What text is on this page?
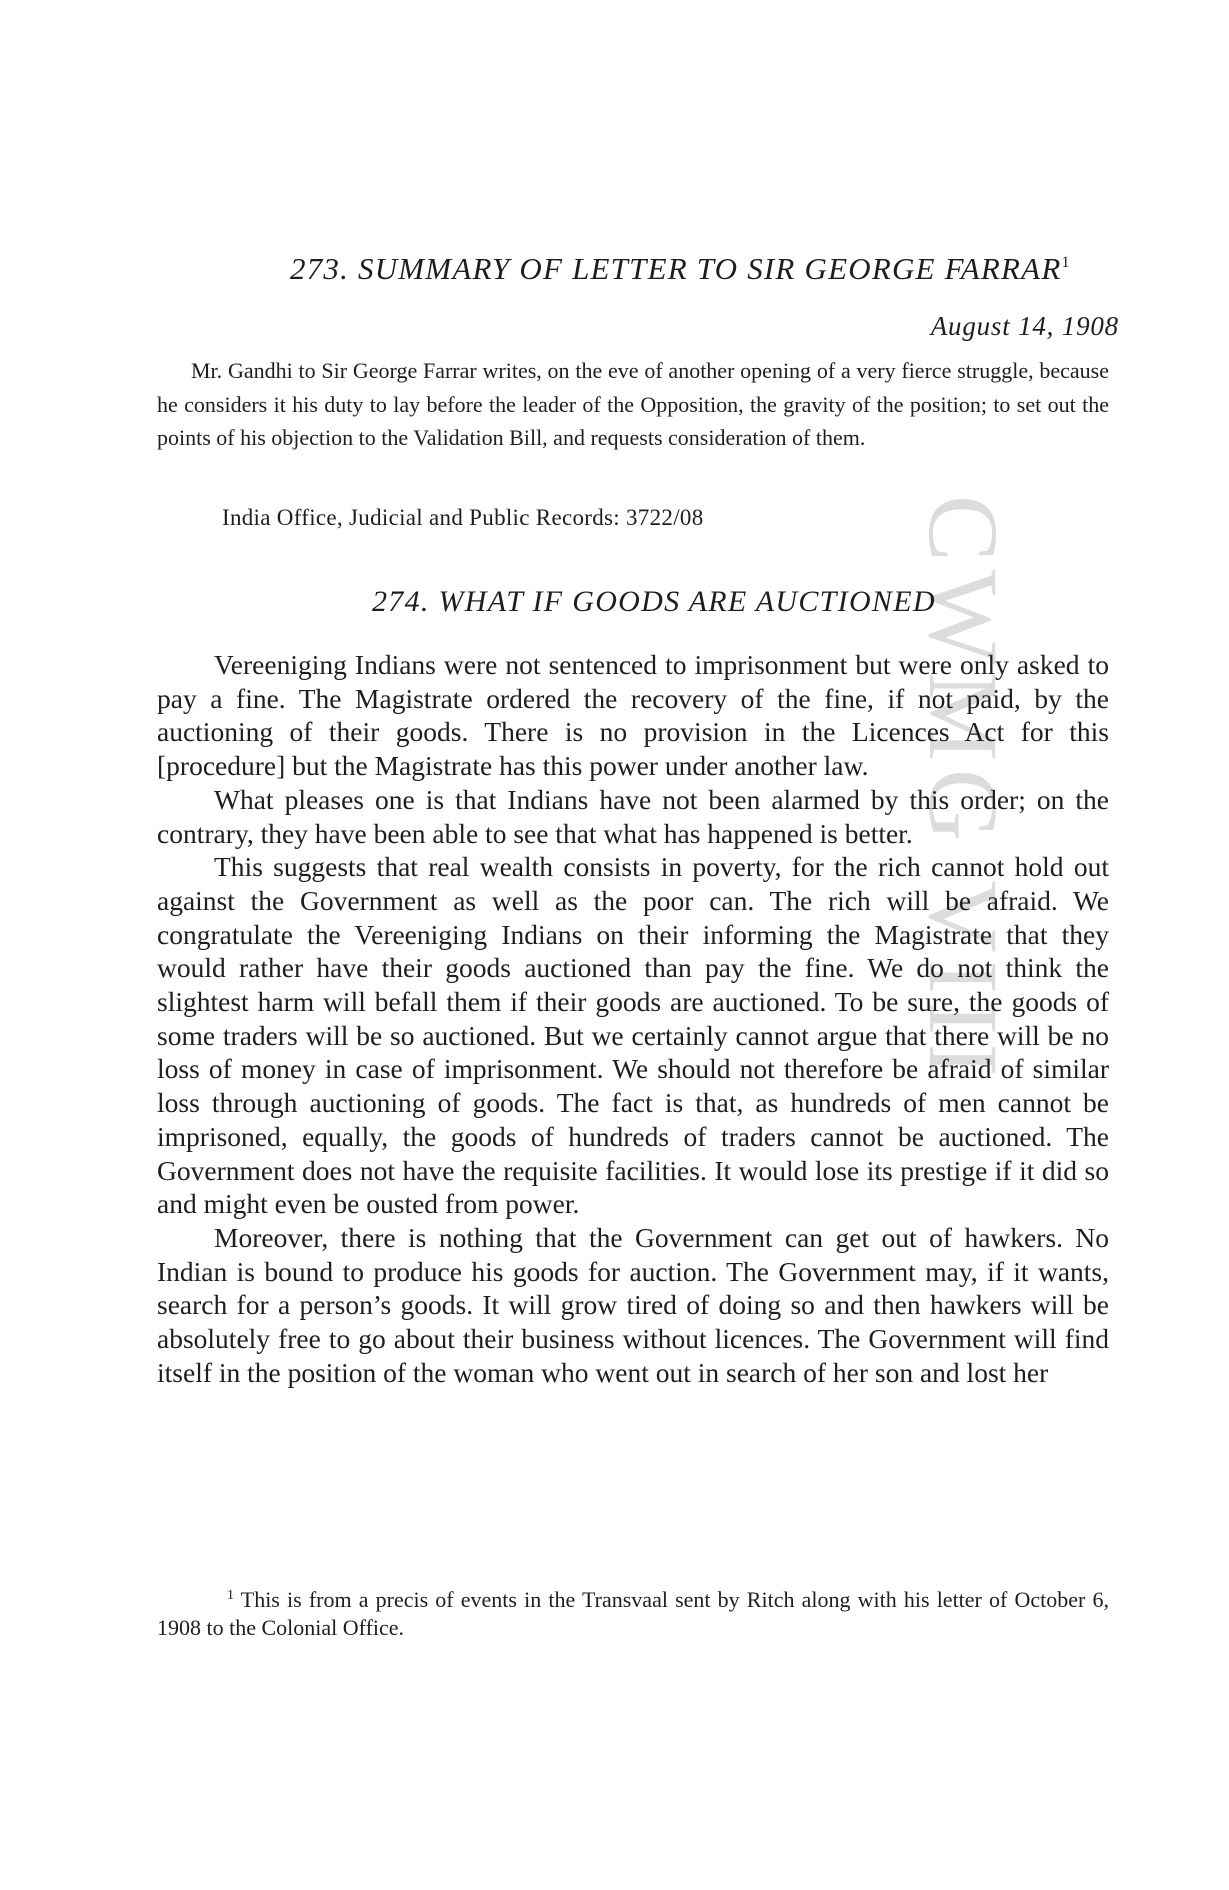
CWMG VIII
273. SUMMARY OF LETTER TO SIR GEORGE FARRAR$^1$
August 14, 1908

Mr. Gandhi to Sir George Farrar writes, on the eve of another opening of a very fierce struggle, because he considers it his duty to lay before the leader of the Opposition, the gravity of the position; to set out the points of his objection to the Validation Bill, and requests consideration of them.

India Office, Judicial and Public Records: 3722/08
274. WHAT IF GOODS ARE AUCTIONED

Vereeniging Indians were not sentenced to imprisonment but were only asked to pay a fine. The Magistrate ordered the recovery of the fine, if not paid, by the auctioning of their goods. There is no provision in the Licences Act for this [procedure] but the Magistrate has this power under another law.

What pleases one is that Indians have not been alarmed by this order; on the contrary, they have been able to see that what has happened is better.

This suggests that real wealth consists in poverty, for the rich cannot hold out against the Government as well as the poor can. The rich will be afraid. We congratulate the Vereeniging Indians on their informing the Magistrate that they would rather have their goods auctioned than pay the fine. We do not think the slightest harm will befall them if their goods are auctioned. To be sure, the goods of some traders will be so auctioned. But we certainly cannot argue that there will be no loss of money in case of imprisonment. We should not therefore be afraid of similar loss through auctioning of goods. The fact is that, as hundreds of men cannot be imprisoned, equally, the goods of hundreds of traders cannot be auctioned. The Government does not have the requisite facilities. It would lose its prestige if it did so and might even be ousted from power.

Moreover, there is nothing that the Government can get out of hawkers. No Indian is bound to produce his goods for auction. The Government may, if it wants, search for a person’s goods. It will grow tired of doing so and then hawkers will be absolutely free to go about their business without licences. The Government will find itself in the position of the woman who went out in search of her son and lost her

$^1$ This is from a precis of events in the Transvaal sent by Ritch along with his letter of October 6, 1908 to the Colonial Office.
